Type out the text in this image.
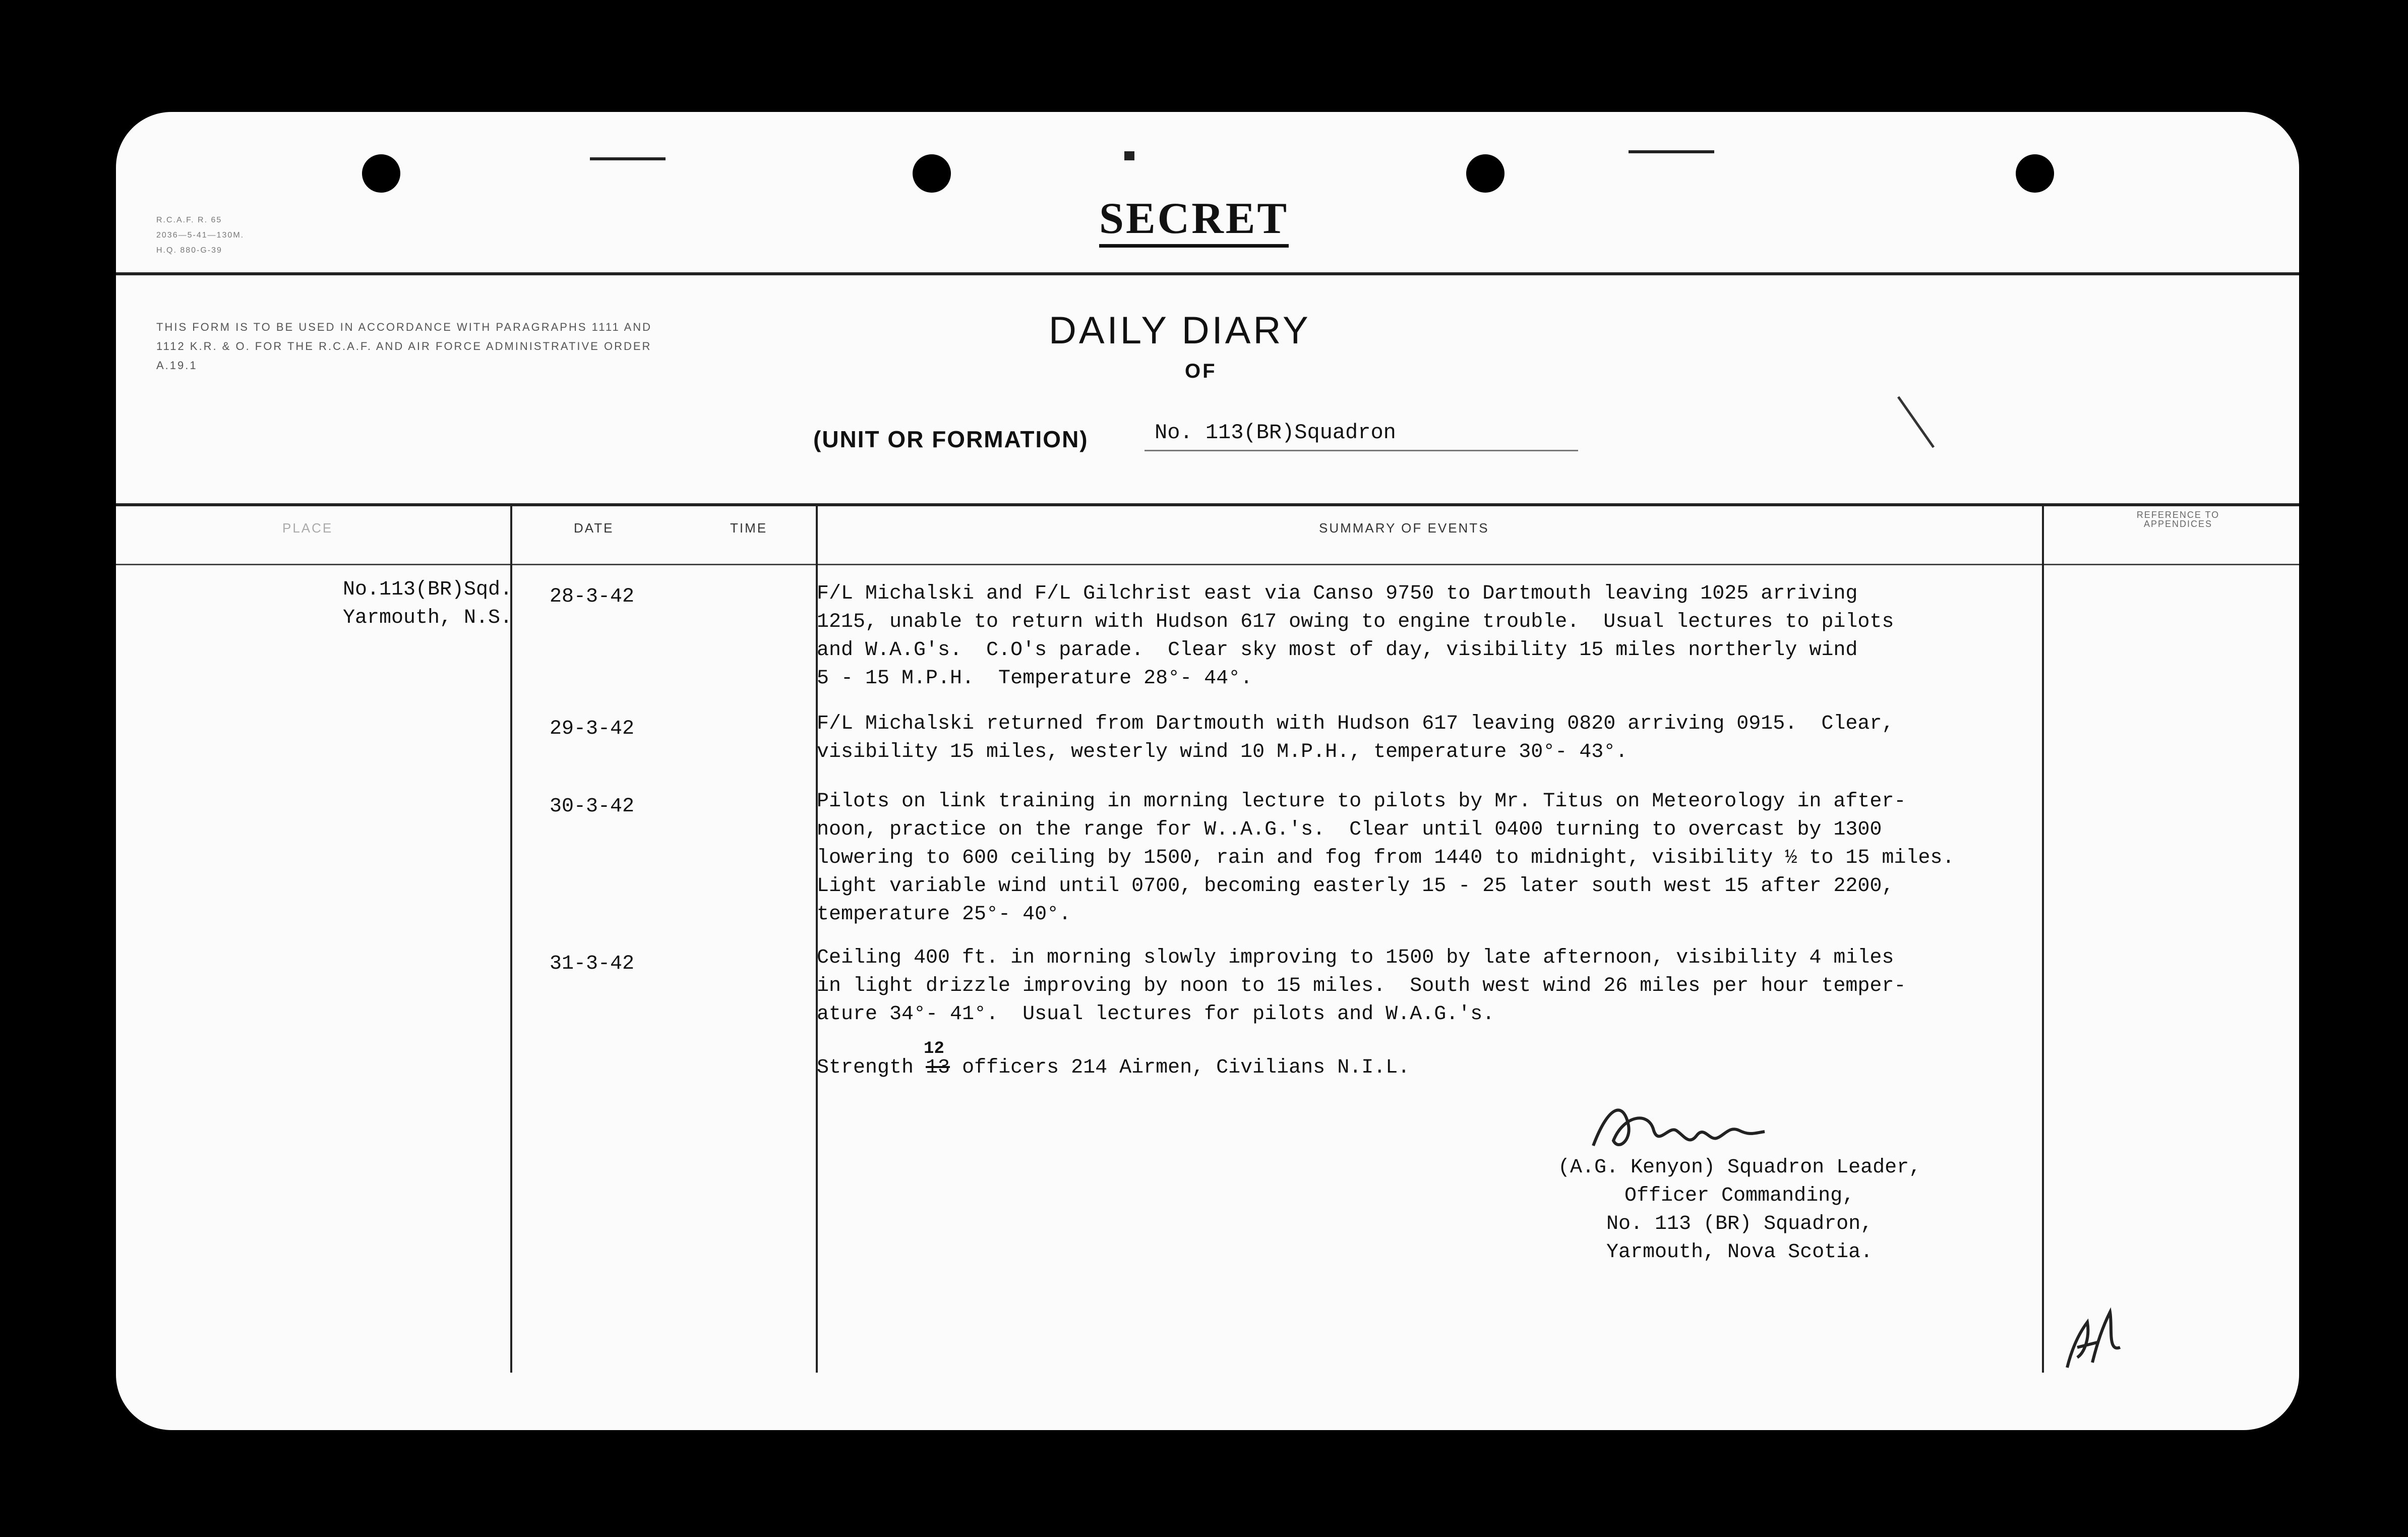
R.C.A.F. R. 65
2036—5-41—130M.
H.Q. 880-G-39
SECRET
THIS FORM IS TO BE USED IN ACCORDANCE WITH PARAGRAPHS 1111 AND 1112 K.R. & O. FOR THE R.C.A.F. AND AIR FORCE ADMINISTRATIVE ORDER A.19.1
DAILY DIARY
OF
(UNIT OR FORMATION)	No. 113(BR)Squadron
PLACE	DATE	TIME	SUMMARY OF EVENTS
REFERENCE TO APPENDICES
No.113(BR)Sqd.
Yarmouth, N.S.
28-3-42	F/L Michalski and F/L Gilchrist east via Canso 9750 to Dartmouth leaving 1025 arriving
1215, unable to return with Hudson 617 owing to engine trouble.  Usual lectures to pilots
and W.A.G's.  C.O's parade.  Clear sky most of day, visibility 15 miles northerly wind
5 - 15 M.P.H.  Temperature 28°- 44°.
29-3-42	F/L Michalski returned from Dartmouth with Hudson 617 leaving 0820 arriving 0915.  Clear,
visibility 15 miles, westerly wind 10 M.P.H., temperature 30°- 43°.
30-3-42	Pilots on link training in morning lecture to pilots by Mr. Titus on Meteorology in after-
noon, practice on the range for W..A.G.'s.  Clear until 0400 turning to overcast by 1300
lowering to 600 ceiling by 1500, rain and fog from 1440 to midnight, visibility ½ to 15 miles.
Light variable wind until 0700, becoming easterly 15 - 25 later south west 15 after 2200,
temperature 25°- 40°.
31-3-42	Ceiling 400 ft. in morning slowly improving to 1500 by late afternoon, visibility 4 miles
in light drizzle improving by noon to 15 miles.  South west wind 26 miles per hour temper-
ature 34°- 41°.  Usual lectures for pilots and W.A.G.'s.
Strength 13
12
officers 214 Airmen, Civilians N.I.L.
(A.G. Kenyon) Squadron Leader,
Officer Commanding,
No. 113 (BR) Squadron,
Yarmouth, Nova Scotia.
